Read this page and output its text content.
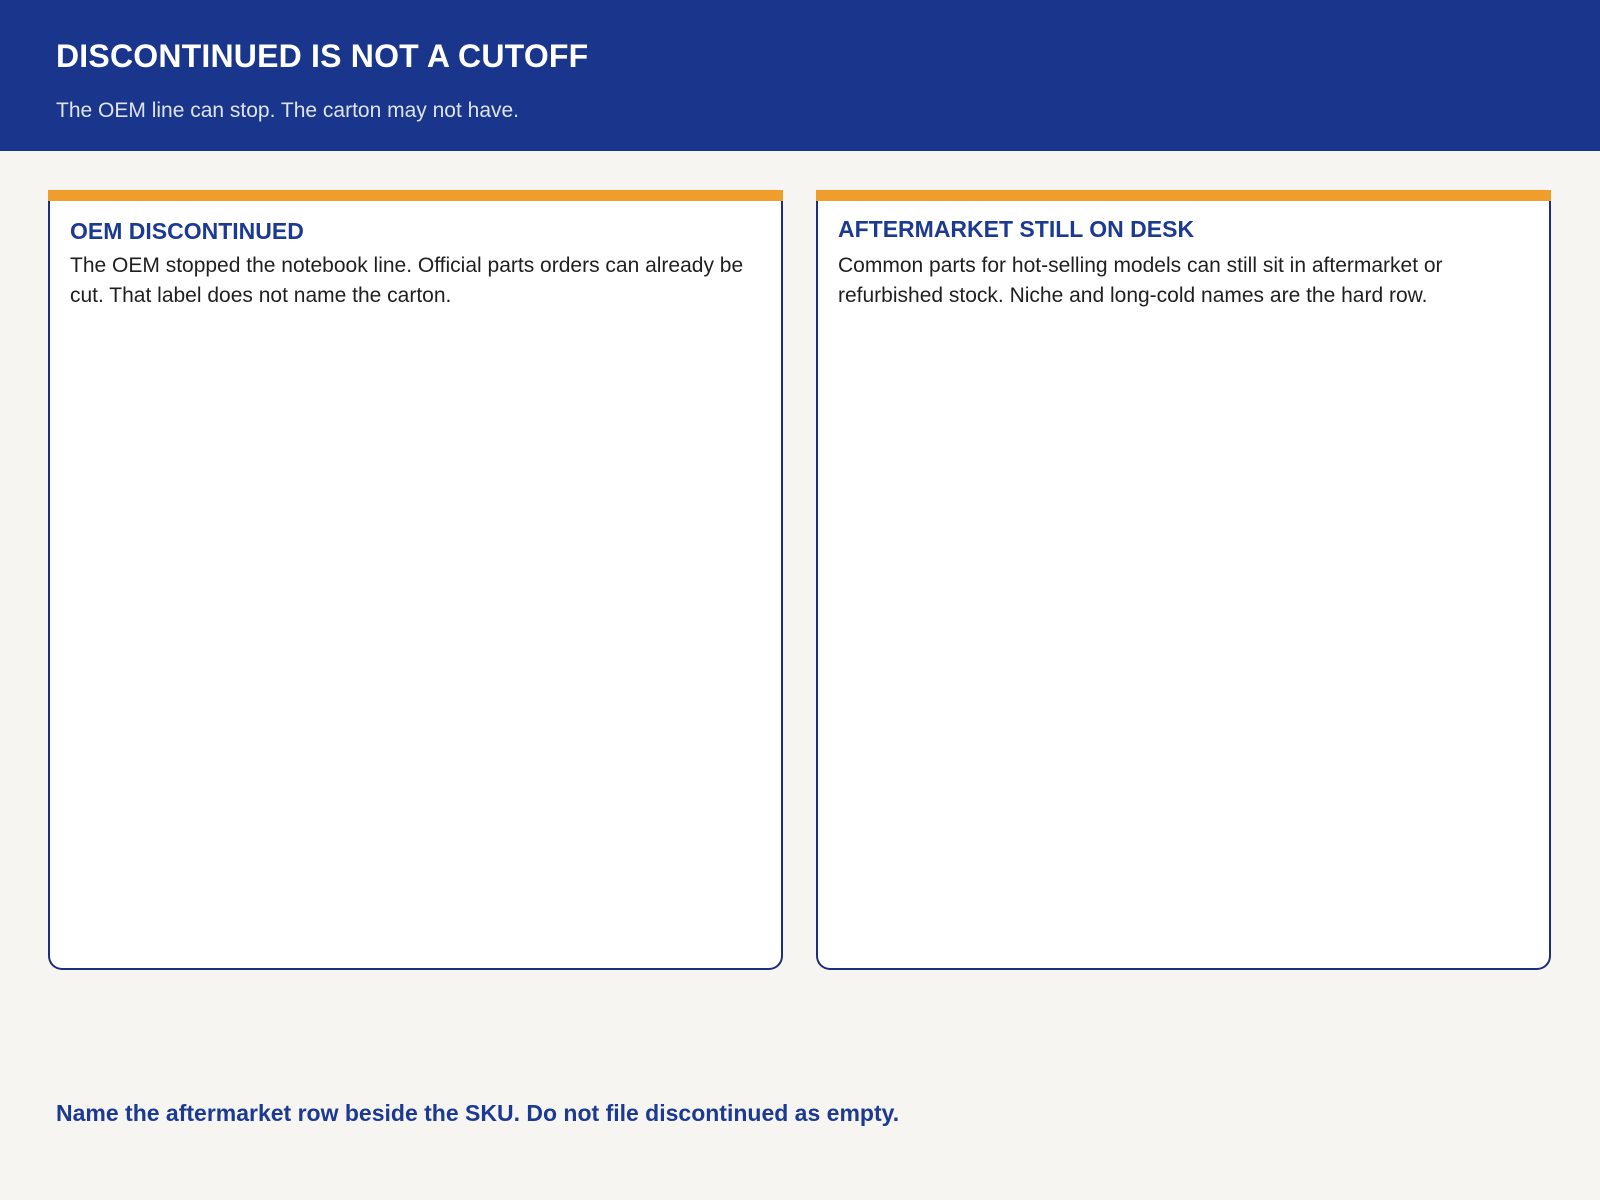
DISCONTINUED IS NOT A CUTOFF

The OEM line can stop. The carton may not have.

OEM DISCONTINUED

The OEM stopped the notebook line. Official parts orders can already be cut. That label does not name the carton.

AFTERMARKET STILL ON DESK

Common parts for hot-selling models can still sit in aftermarket or refurbished stock. Niche and long-cold names are the hard row.

Name the aftermarket row beside the SKU. Do not file discontinued as empty.
